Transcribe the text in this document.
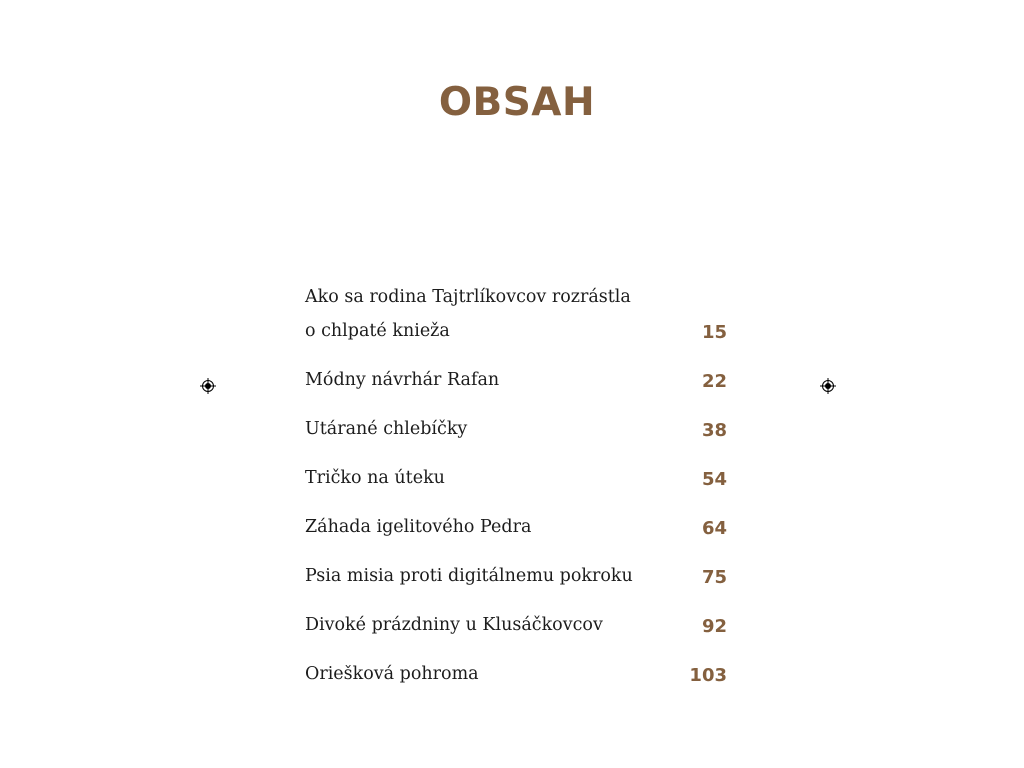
OBSAH
Ako sa rodina Tajtrlíkovcov rozrástla
o chlpaté knieža	15
Módny návrhár Rafan	22
Utárané chlebíčky	38
Tričko na úteku	54
Záhada igelitového Pedra	64
Psia misia proti digitálnemu pokroku	75
Divoké prázdniny u Klusáčkovcov	92
Oriešková pohroma	103
